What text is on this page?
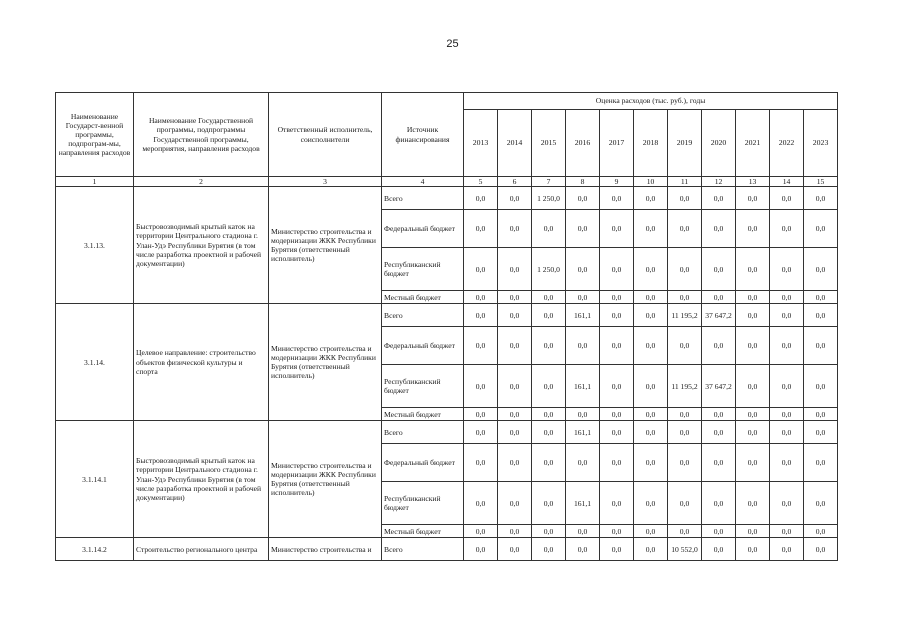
25
Наименование Государст-венной программы, подпрограм-мы, направления расходов	Наименование Государственной программы, подпрограммы Государственной программы, мероприятия, направления расходов	Ответственный исполнитель, соисполнители	Источник финансирования	Оценка расходов (тыс. руб.), годы										
				2013	2014	2015	2016	2017	2018	2019	2020	2021	2022	2023
1	2	3	4	5	6	7	8	9	10	11	12	13	14	15
3.1.13.	Быстровозводимый крытый каток на территории Центрального стадиона г. Улан-Удэ Республики Бурятия (в том числе разработка проектной и рабочей документации)	Министерство строительства и модернизации ЖКК Республики Бурятия (ответственный исполнитель)	Всего	0,0	0,0	1 250,0	0,0	0,0	0,0	0,0	0,0	0,0	0,0	0,0
			Федеральный бюджет	0,0	0,0	0,0	0,0	0,0	0,0	0,0	0,0	0,0	0,0	0,0
			Республиканский бюджет	0,0	0,0	1 250,0	0,0	0,0	0,0	0,0	0,0	0,0	0,0	0,0
			Местный бюджет	0,0	0,0	0,0	0,0	0,0	0,0	0,0	0,0	0,0	0,0	0,0
3.1.14.	Целевое направление: строительство объектов физической культуры и спорта	Министерство строительства и модернизации ЖКК Республики Бурятия (ответственный исполнитель)	Всего	0,0	0,0	0,0	161,1	0,0	0,0	11 195,2	37 647,2	0,0	0,0	0,0
			Федеральный бюджет	0,0	0,0	0,0	0,0	0,0	0,0	0,0	0,0	0,0	0,0	0,0
			Республиканский бюджет	0,0	0,0	0,0	161,1	0,0	0,0	11 195,2	37 647,2	0,0	0,0	0,0
			Местный бюджет	0,0	0,0	0,0	0,0	0,0	0,0	0,0	0,0	0,0	0,0	0,0
3.1.14.1	Быстровозводимый крытый каток на территории Центрального стадиона г. Улан-Удэ Республики Бурятия (в том числе разработка проектной и рабочей документации)	Министерство строительства и модернизации ЖКК Республики Бурятия (ответственный исполнитель)	Всего	0,0	0,0	0,0	161,1	0,0	0,0	0,0	0,0	0,0	0,0	0,0
			Федеральный бюджет	0,0	0,0	0,0	0,0	0,0	0,0	0,0	0,0	0,0	0,0	0,0
			Республиканский бюджет	0,0	0,0	0,0	161,1	0,0	0,0	0,0	0,0	0,0	0,0	0,0
			Местный бюджет	0,0	0,0	0,0	0,0	0,0	0,0	0,0	0,0	0,0	0,0	0,0
3.1.14.2	Строительство регионального центра	Министерство строительства и	Всего	0,0	0,0	0,0	0,0	0,0	0,0	10 552,0	0,0	0,0	0,0	0,0
